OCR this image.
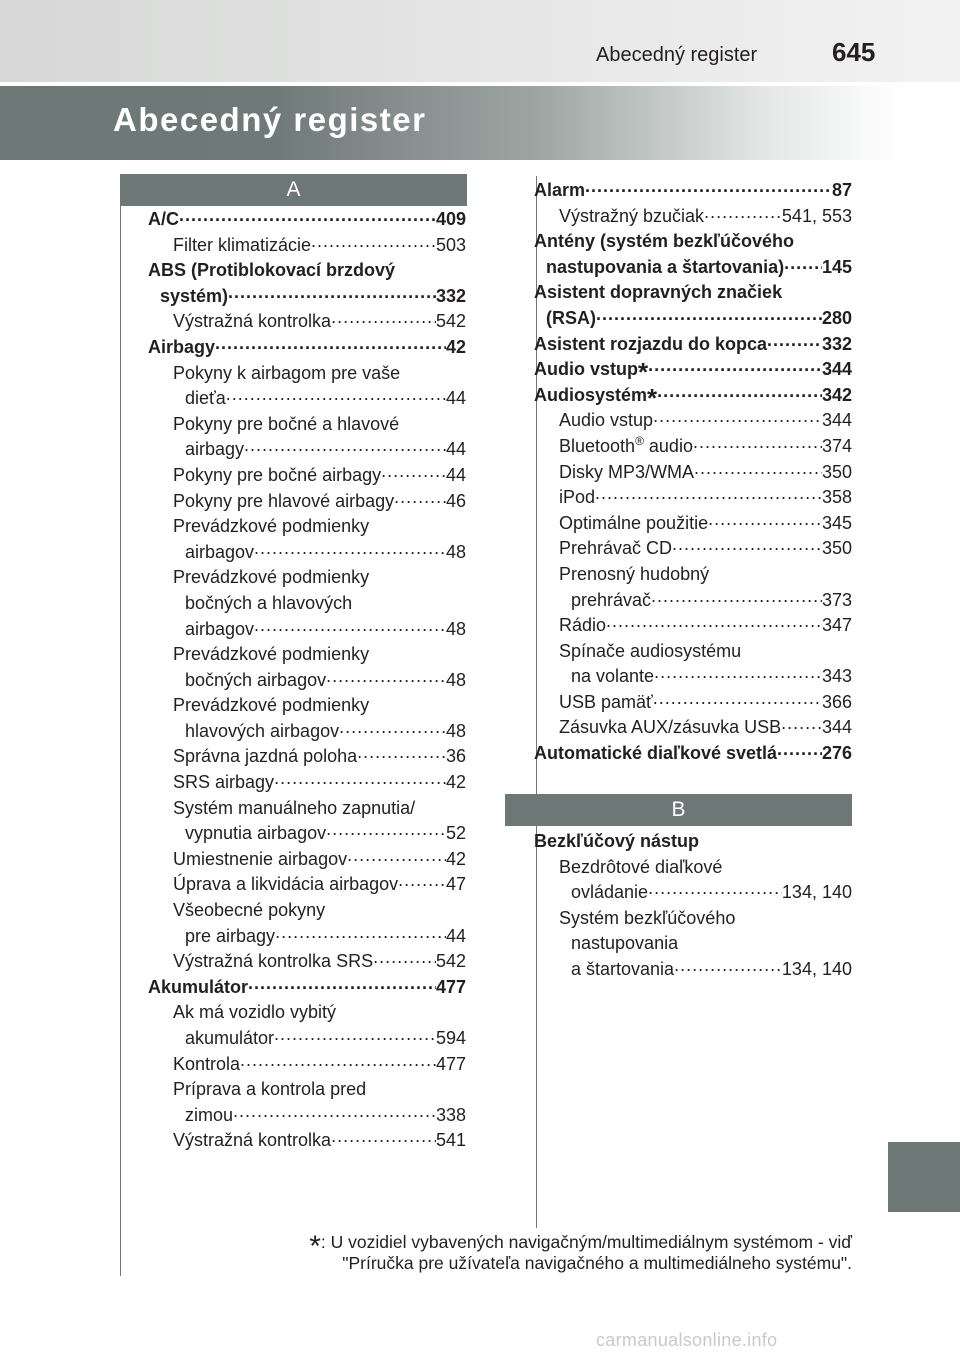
Abecedný register	645
Abecedný register
A
B
A/C .....	409
Filter klimatizácie .....	503
ABS (Protiblokovací brzdový
systém) .....	332
Výstražná kontrolka .....	542
Airbagy .....	42
Pokyny k airbagom pre vaše
dieťa .....	44
Pokyny pre bočné a hlavové
airbagy .....	44
Pokyny pre bočné airbagy .....	44
Pokyny pre hlavové airbagy .....	46
Prevádzkové podmienky
airbagov .....	48
Prevádzkové podmienky
bočných a hlavových
airbagov .....	48
Prevádzkové podmienky
bočných airbagov .....	48
Prevádzkové podmienky
hlavových airbagov .....	48
Správna jazdná poloha .....	36
SRS airbagy .....	42
Systém manuálneho zapnutia/
vypnutia airbagov .....	52
Umiestnenie airbagov .....	42
Úprava a likvidácia airbagov .....	47
Všeobecné pokyny
pre airbagy .....	44
Výstražná kontrolka SRS .....	542
Akumulátor .....	477
Ak má vozidlo vybitý
akumulátor .....	594
Kontrola .....	477
Príprava a kontrola pred
zimou .....	338
Výstražná kontrolka .....	541
Alarm .....	87
Výstražný bzučiak .....	541, 553
Antény (systém bezkľúčového
nastupovania a štartovania) ..... 145
Asistent dopravných značiek
(RSA) .....	280
Asistent rozjazdu do kopca .....	332
Audio vstup* .....	344
Audiosystém* .....	342
Audio vstup .....	344
Bluetooth® audio .....	374
Disky MP3/WMA .....	350
iPod .....	358
Optimálne použitie .....	345
Prehrávač CD .....	350
Prenosný hudobný
prehrávač .....	373
Rádio .....	347
Spínače audiosystému
na volante .....	343
USB pamäť .....	366
Zásuvka AUX/zásuvka USB ..... 344
Automatické diaľkové svetlá ..... 276
Bezkľúčový nástup
Bezdrôtové diaľkové
ovládanie .....	134, 140
Systém bezkľúčového
nastupovania
a štartovania .....	134, 140
*: U vozidiel vybavených navigačným/multimediálnym systémom - viď
"Príručka pre užívateľa navigačného a multimediálneho systému".
carmanualsonline.info
